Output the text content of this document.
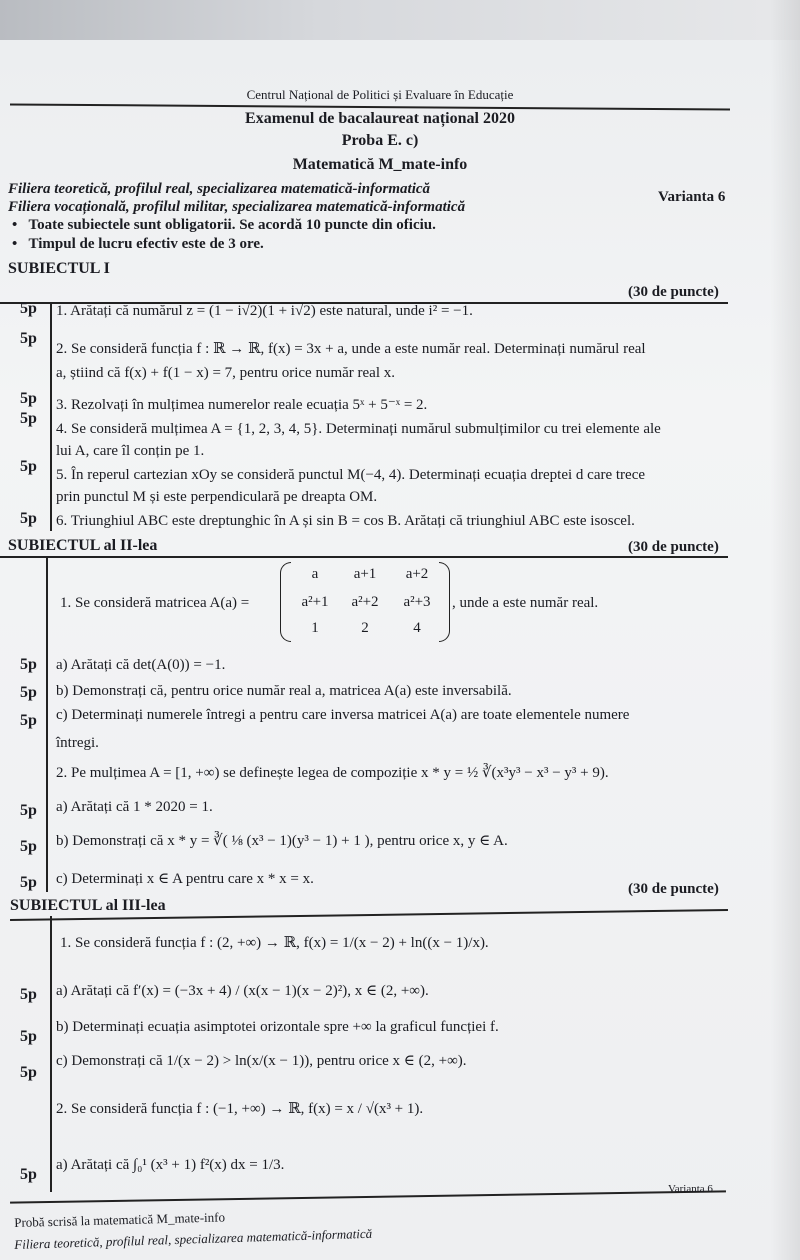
Centrul Național de Politici și Evaluare în Educație
Examenul de bacalaureat național 2020
Proba E. c)
Matematică M_mate-info
Filiera teoretică, profilul real, specializarea matematică-informatică
Filiera vocațională, profilul militar, specializarea matematică-informatică
Varianta 6
•   Toate subiectele sunt obligatorii. Se acordă 10 puncte din oficiu.
•   Timpul de lucru efectiv este de 3 ore.
SUBIECTUL I
(30 de puncte)
5p 1. Arătați că numărul z = (1 − i√2)(1 + i√2) este natural, unde i² = −1.
5p
2. Se consideră funcția f : ℝ → ℝ, f(x) = 3x + a, unde a este număr real. Determinați numărul real
a, știind că f(x) + f(1 − x) = 7, pentru orice număr real x.
5p 3. Rezolvați în mulțimea numerelor reale ecuația 5ˣ + 5⁻ˣ = 2.
5p
4. Se consideră mulțimea A = {1, 2, 3, 4, 5}. Determinați numărul submulțimilor cu trei elemente ale
lui A, care îl conțin pe 1.
5p 5. În reperul cartezian xOy se consideră punctul M(−4, 4). Determinați ecuația dreptei d care trece
prin punctul M și este perpendiculară pe dreapta OM.
5p 6. Triunghiul ABC este dreptunghic în A și sin B = cos B. Arătați că triunghiul ABC este isoscel.
SUBIECTUL al II-lea	(30 de puncte)
1. Se consideră matricea A(a) =
a	a+1	a+2
a²+1	a²+2	a²+3
1	2	4
, unde a este număr real.
5p a) Arătați că det(A(0)) = −1.
5p b) Demonstrați că, pentru orice număr real a, matricea A(a) este inversabilă.
5p c) Determinați numerele întregi a pentru care inversa matricei A(a) are toate elementele numere
întregi.
2. Pe mulțimea A = [1, +∞) se definește legea de compoziție x * y = ½ ∛(x³y³ − x³ − y³ + 9).
5p a) Arătați că 1 * 2020 = 1.
5p b) Demonstrați că x * y = ∛( ⅛ (x³ − 1)(y³ − 1) + 1 ), pentru orice x, y ∈ A.
5p c) Determinați x ∈ A pentru care x * x = x.
(30 de puncte)
SUBIECTUL al III-lea
1. Se consideră funcția f : (2, +∞) → ℝ, f(x) = 1/(x − 2) + ln((x − 1)/x).
5p a) Arătați că f′(x) = (−3x + 4) / (x(x − 1)(x − 2)²), x ∈ (2, +∞).
5p
b) Determinați ecuația asimptotei orizontale spre +∞ la graficul funcției f.
5p
c) Demonstrați că 1/(x − 2) > ln(x/(x − 1)), pentru orice x ∈ (2, +∞).
2. Se consideră funcția f : (−1, +∞) → ℝ, f(x) = x / √(x³ + 1).
5p
a) Arătați că ∫₀¹ (x³ + 1) f²(x) dx = 1/3.
Varianta 6
Probă scrisă la matematică M_mate-info
Filiera teoretică, profilul real, specializarea matematică-informatică
